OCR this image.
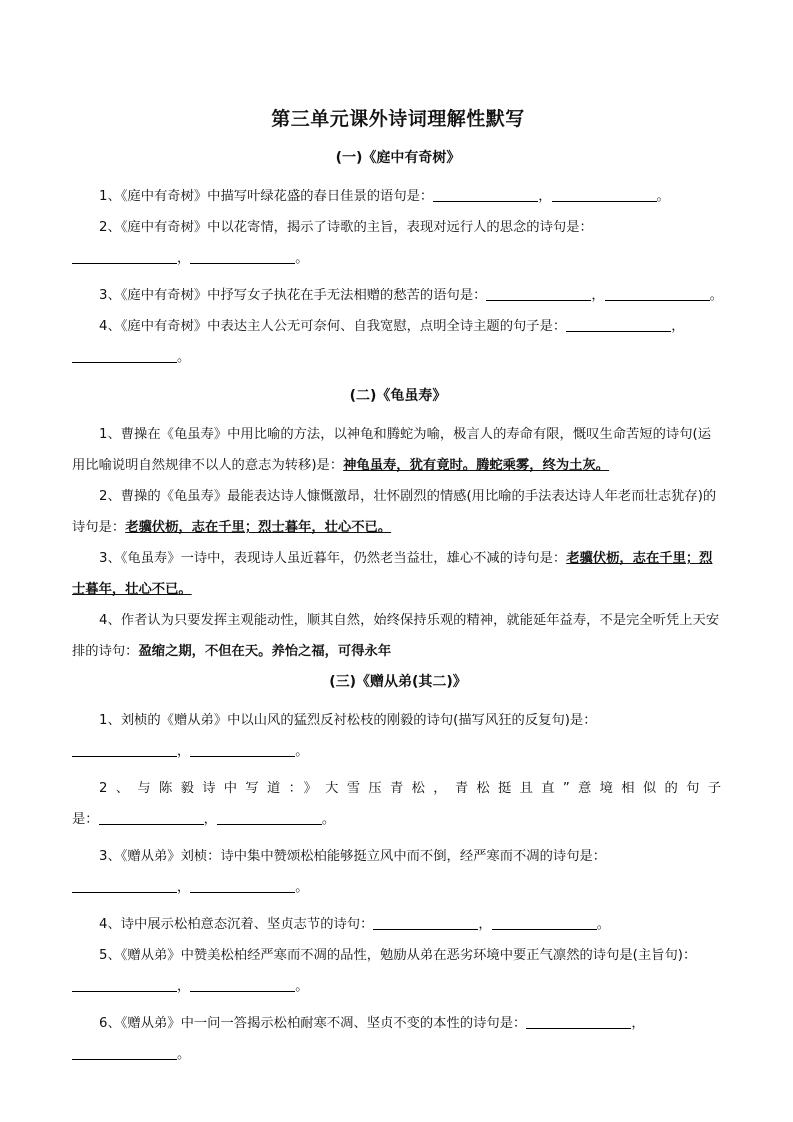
第三单元课外诗词理解性默写
(一)《庭中有奇树》

1、《庭中有奇树》中描写叶绿花盛的春日佳景的语句是：	，	。

2、《庭中有奇树》中以花寄情，揭示了诗歌的主旨，表现对远行人的思念的诗句是：

，	。

3、《庭中有奇树》中抒写女子执花在手无法相赠的愁苦的语句是：	，	。

4、《庭中有奇树》中表达主人公无可奈何、自我宽慰，点明全诗主题的句子是：	，

。
(二)《龟虽寿》

1、曹操在《龟虽寿》中用比喻的方法，以神龟和腾蛇为喻，极言人的寿命有限，慨叹生命苦短的诗句(运用比喻说明自然规律不以人的意志为转移)是：神龟虽寿，犹有竟时。腾蛇乘雾，终为土灰。

2、曹操的《龟虽寿》最能表达诗人慷慨激昂，壮怀剧烈的情感(用比喻的手法表达诗人年老而壮志犹存)的诗句是：老骥伏枥，志在千里；烈士暮年，壮心不已。

3、《龟虽寿》一诗中，表现诗人虽近暮年，仍然老当益壮，雄心不减的诗句是：老骥伏枥，志在千里；烈士暮年，壮心不已。

4、作者认为只要发挥主观能动性，顺其自然，始终保持乐观的精神，就能延年益寿，不是完全听凭上天安排的诗句：盈缩之期，不但在天。养怡之福，可得永年

(三)《赠从弟(其二)》

1、刘桢的《赠从弟》中以山风的猛烈反衬松枝的刚毅的诗句(描写风狂的反复句)是：

，	。

2、与陈毅诗中写道：》大雪压青松，青松挺且直”意境相似的句子

是：	，	。

3、《赠从弟》刘桢：诗中集中赞颂松柏能够挺立风中而不倒，经严寒而不凋的诗句是：

，	。

4、诗中展示松柏意态沉着、坚贞志节的诗句：	，	。

5、《赠从弟》中赞美松柏经严寒而不凋的品性，勉励从弟在恶劣环境中要正气凛然的诗句是(主旨句)：

，	。

6、《赠从弟》中一问一答揭示松柏耐寒不凋、坚贞不变的本性的诗句是：	，

。
